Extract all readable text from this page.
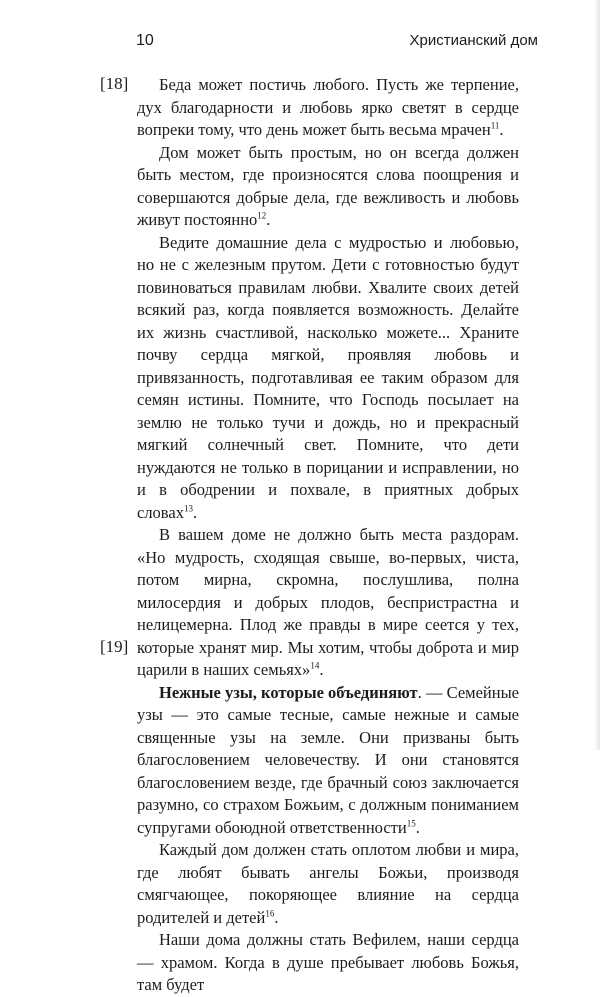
10	Христианский дом
[18]
[19]

Беда может постичь любого. Пусть же терпение, дух благодарности и любовь ярко светят в сердце вопреки тому, что день может быть весьма мрачен$^{11}$.

Дом может быть простым, но он всегда должен быть местом, где произносятся слова поощрения и совершаются добрые дела, где вежливость и любовь живут постоянно$^{12}$.

Ведите домашние дела с мудростью и любовью, но не с железным прутом. Дети с готовностью будут повиноваться правилам любви. Хвалите своих детей всякий раз, когда появляется возможность. Делайте их жизнь счастливой, насколько можете... Храните почву сердца мягкой, проявляя любовь и привязанность, подготавливая ее таким образом для семян истины. Помните, что Господь посылает на землю не только тучи и дождь, но и прекрасный мягкий солнечный свет. Помните, что дети нуждаются не только в порицании и исправлении, но и в ободрении и похвале, в приятных добрых словах$^{13}$.

В вашем доме не должно быть места раздорам. «Но мудрость, сходящая свыше, во-первых, чиста, потом мирна, скромна, послушлива, полна милосердия и добрых плодов, беспристрастна и нелицемерна. Плод же правды в мире сеется у тех, которые хранят мир. Мы хотим, чтобы доброта и мир царили в наших семьях»$^{14}$.

Нежные узы, которые объединяют. — Семейные узы — это самые тесные, самые нежные и самые священные узы на земле. Они призваны быть благословением человечеству. И они становятся благословением везде, где брачный союз заключается разумно, со страхом Божьим, с должным пониманием супругами обоюдной ответственности$^{15}$.

Каждый дом должен стать оплотом любви и мира, где любят бывать ангелы Божьи, производя смягчающее, покоряющее влияние на сердца родителей и детей$^{16}$.

Наши дома должны стать Вефилем, наши сердца — храмом. Когда в душе пребывает любовь Божья, там будет
